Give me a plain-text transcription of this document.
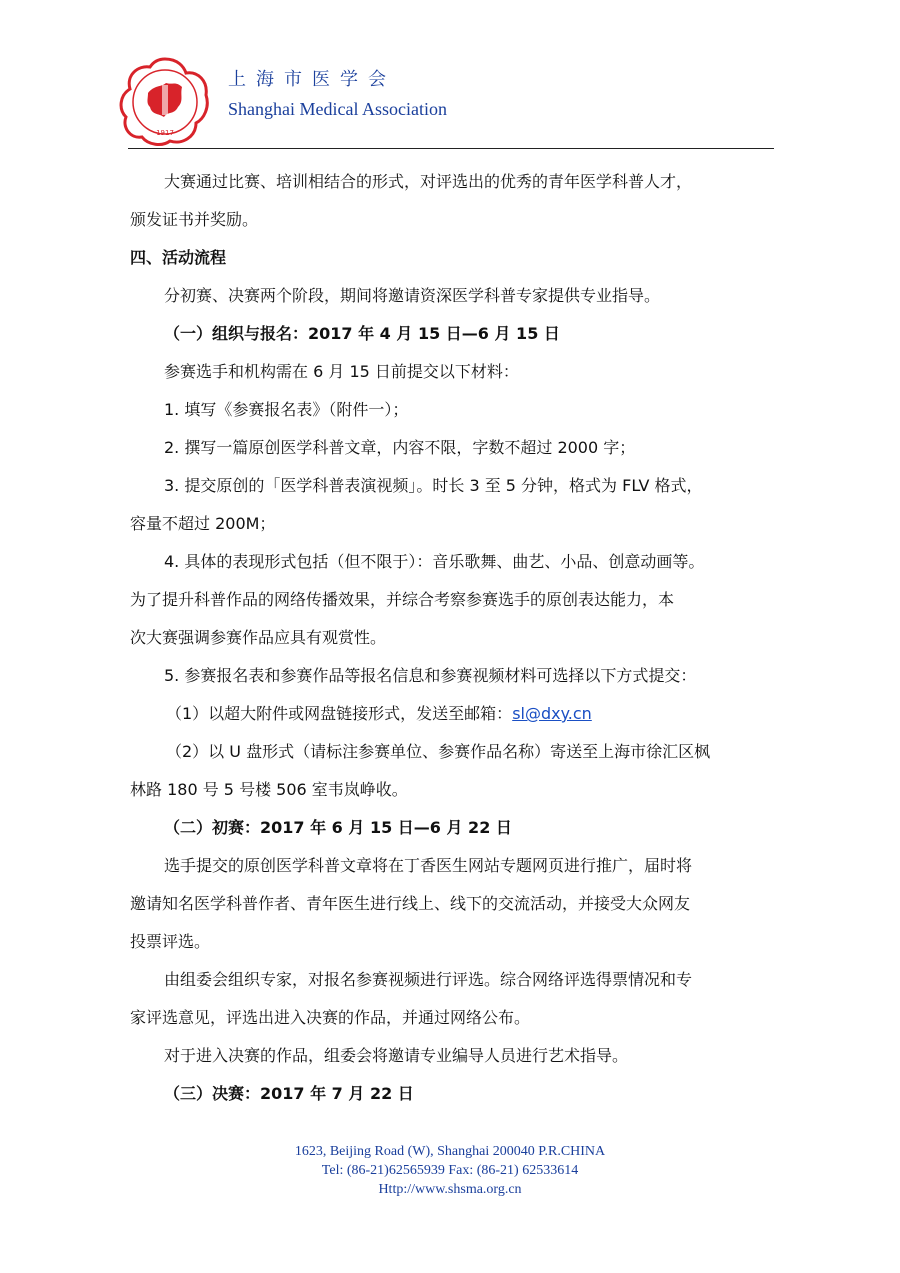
1917
上海市医学会
Shanghai Medical Association

大赛通过比赛、培训相结合的形式，对评选出的优秀的青年医学科普人才，

颁发证书并奖励。

四、活动流程

分初赛、决赛两个阶段，期间将邀请资深医学科普专家提供专业指导。

（一）组织与报名：2017 年 4 月 15 日—6 月 15 日

参赛选手和机构需在 6 月 15 日前提交以下材料：

1. 填写《参赛报名表》（附件一）；

2. 撰写一篇原创医学科普文章，内容不限，字数不超过 2000 字；

3. 提交原创的「医学科普表演视频」。时长 3 至 5 分钟，格式为 FLV 格式，

容量不超过 200M；

4. 具体的表现形式包括（但不限于）：音乐歌舞、曲艺、小品、创意动画等。

为了提升科普作品的网络传播效果，并综合考察参赛选手的原创表达能力，本

次大赛强调参赛作品应具有观赏性。

5. 参赛报名表和参赛作品等报名信息和参赛视频材料可选择以下方式提交：

（1）以超大附件或网盘链接形式，发送至邮箱：sl@dxy.cn

（2）以 U 盘形式（请标注参赛单位、参赛作品名称）寄送至上海市徐汇区枫

林路 180 号 5 号楼 506 室韦岚峥收。

（二）初赛：2017 年 6 月 15 日—6 月 22 日

选手提交的原创医学科普文章将在丁香医生网站专题网页进行推广，届时将

邀请知名医学科普作者、青年医生进行线上、线下的交流活动，并接受大众网友

投票评选。

由组委会组织专家，对报名参赛视频进行评选。综合网络评选得票情况和专

家评选意见，评选出进入决赛的作品，并通过网络公布。

对于进入决赛的作品，组委会将邀请专业编导人员进行艺术指导。

（三）决赛：2017 年 7 月 22 日

1623, Beijing Road (W), Shanghai 200040 P.R.CHINA
Tel: (86-21)62565939 Fax: (86-21) 62533614
Http://www.shsma.org.cn
